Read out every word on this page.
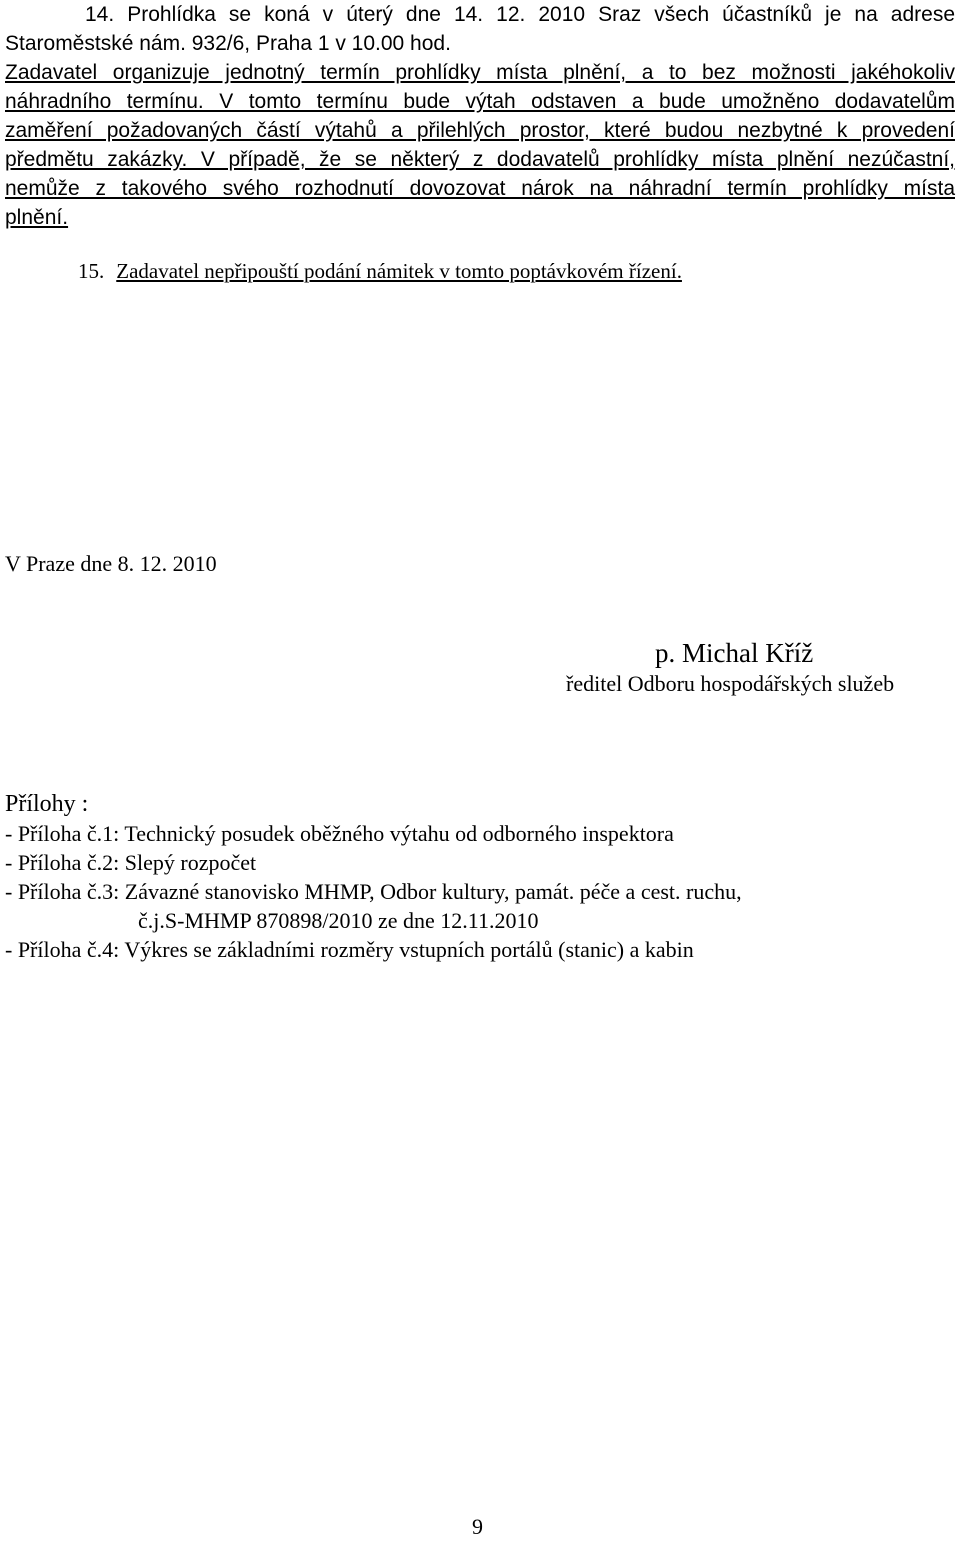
14. Prohlídka se koná v úterý dne 14. 12. 2010 Sraz všech účastníků je na adrese
Staroměstské nám. 932/6, Praha 1 v 10.00 hod.
Zadavatel organizuje jednotný termín prohlídky místa plnění, a to bez možnosti jakéhokoliv
náhradního termínu. V tomto termínu bude výtah odstaven a bude umožněno dodavatelům
zaměření požadovaných částí výtahů a přilehlých prostor, které budou nezbytné k provedení
předmětu zakázky. V případě, že se některý z dodavatelů prohlídky místa plnění nezúčastní,
nemůže z takového svého rozhodnutí dovozovat nárok na náhradní termín prohlídky místa
plnění.
15. Zadavatel nepřipouští podání námitek v tomto poptávkovém řízení.
V Praze dne 8. 12. 2010
p. Michal Kříž
ředitel Odboru hospodářských služeb
Přílohy :
- Příloha č.1: Technický posudek oběžného výtahu od odborného inspektora
- Příloha č.2: Slepý rozpočet
- Příloha č.3: Závazné stanovisko MHMP, Odbor kultury, památ. péče a cest. ruchu,
č.j.S-MHMP 870898/2010 ze dne 12.11.2010
- Příloha č.4: Výkres se základními rozměry vstupních portálů (stanic) a kabin
9
